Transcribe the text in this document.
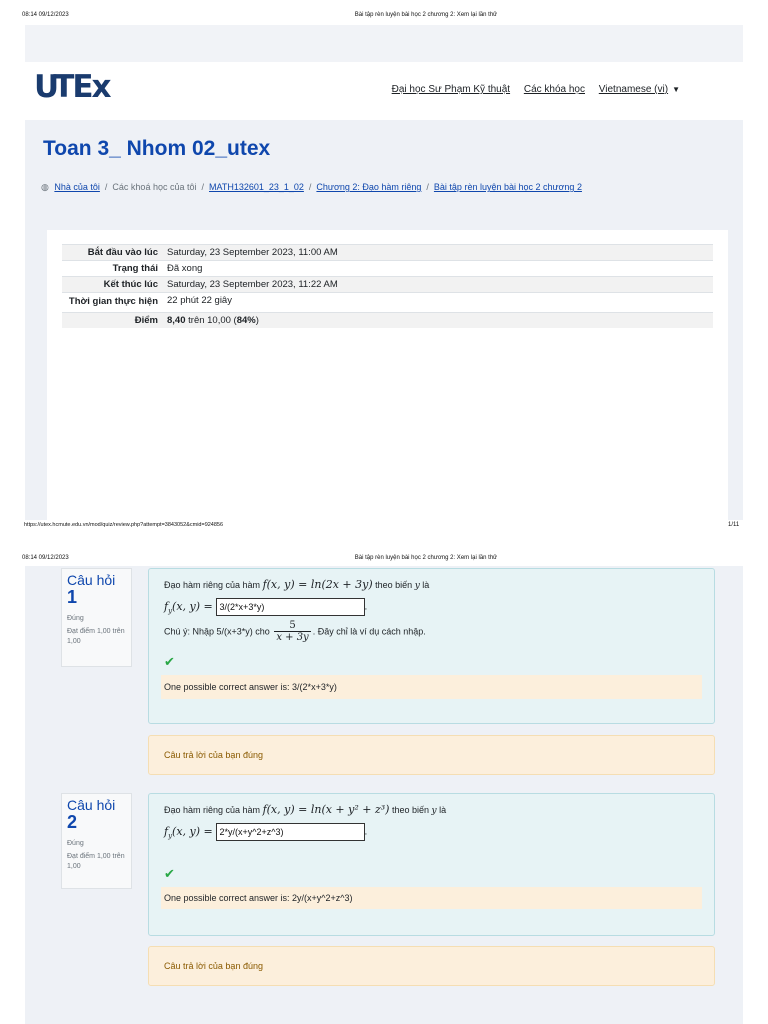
08:14 09/12/2023	Bài tập rèn luyện bài học 2 chương 2: Xem lại lần thử
UTEx	Đại học Sư Phạm Kỹ thuật Các khóa học Vietnamese (vi) ▼
Toan 3_ Nhom 02_utex
◍ Nhà của tôi / Các khoá học của tôi / MATH132601_23_1_02 / Chương 2: Đạo hàm riêng / Bài tập rèn luyện bài học 2 chương 2
Bắt đầu vào lúc	Saturday, 23 September 2023, 11:00 AM
Trạng thái	Đã xong
Kết thúc lúc	Saturday, 23 September 2023, 11:22 AM
Thời gian thực hiện	22 phút 22 giây
Điểm	8,40 trên 10,00 (84%)
https://utex.hcmute.edu.vn/mod/quiz/review.php?attempt=3843052&cmid=924856	1/11
08:14 09/12/2023	Bài tập rèn luyện bài học 2 chương 2: Xem lại lần thử
Câu hỏi
1
Đúng
Đạt điểm 1,00 trên 1,00
Đạo hàm riêng của hàm f(x, y) = ln(2x + 3y) theo biến y là
$f_y(x$, y) = 3/(2*x+3*y)	.
Chú ý: Nhập 5/(x+3*y) cho $\frac{5}{x + 3y}$ . Đây chỉ là ví dụ cách nhập.
✔
One possible correct answer is: 3/(2*x+3*y)
Câu trả lời của bạn đúng
Câu hỏi
2
Đúng
Đạt điểm 1,00 trên 1,00
Đạo hàm riêng của hàm f(x, y) = ln(x + y² + z³) theo biến y là
$f_y(x$, y) = 2*y/(x+y^2+z^3)	.
✔
One possible correct answer is: 2y/(x+y^2+z^3)
Câu trả lời của bạn đúng
